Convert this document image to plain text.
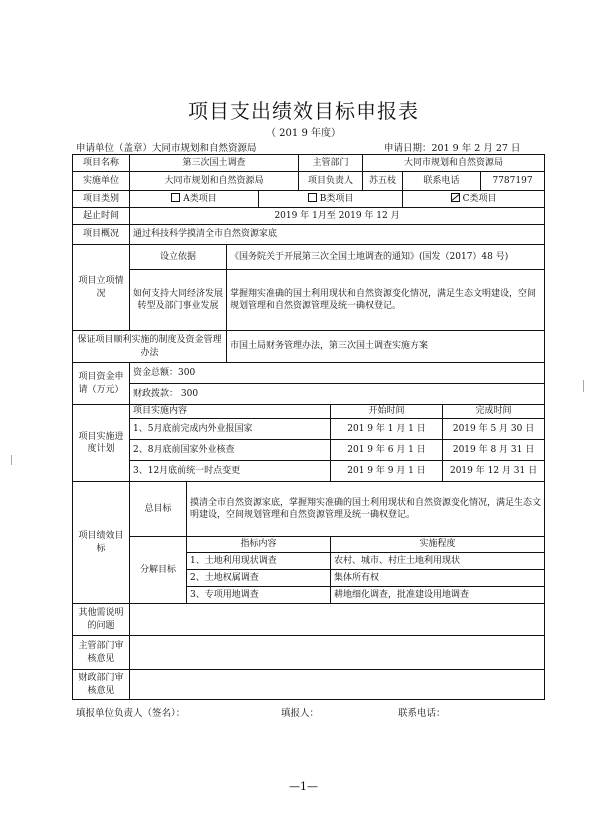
项目支出绩效目标申报表
（ 201 9 年度）
申请单位（盖章）大同市规划和自然资源局	申请日期：201 9 年 2 月 27 日
项目名称	第三次国土调查				主管部门		大同市规划和自然资源局			
实施单位	大同市规划和自然资源局				项目负责人		苏五枝	联系电话		7787197
项目类别	A类项目			B类项目				C类项目		
起止时间	2019 年 1月至 2019 年 12 月									
项目概况	通过科技科学摸清全市自然资源家底									
项目立项情况	设立依据		《国务院关于开展第三次全国土地调查的通知》(国发（2017）48 号)							
	如何支持大同经济发展转型及部门事业发展		掌握翔实准确的国土利用现状和自然资源变化情况，满足生态文明建设，空间规划管理和自然资源管理及统一确权登记。							
保证项目顺利实施的制度及资金管理办法			市国土局财务管理办法，第三次国土调查实施方案							
项目资金申请（万元）	资金总额：300									
	财政拨款： 300									
项目实施进度计划	项目实施内容					开始时间			完成时间	
	1、5月底前完成内外业报国家					201 9 年 1 月 1 日			2019 年 5 月 30 日	
	2、8月底前国家外业核查					201 9 年 6 月 1 日			2019 年 8 月 31 日	
	3、12月底前统一时点变更					201 9 年 9 月 1 日			2019 年 12 月 31 日	
项目绩效目标	总目标	摸清全市自然资源家底，掌握翔实准确的国土利用现状和自然资源变化情况，满足生态文明建设，空间规划管理和自然资源管理及统一确权登记。								
	分解目标	指标内容				实施程度				
		1、土地利用现状调查				农村、城市、村庄土地利用现状				
		2、土地权属调查				集体所有权				
		3、专项用地调查				耕地细化调查，批准建设用地调查				
其他需说明的问题										
主管部门审核意见										
财政部门审核意见										
填报单位负责人（签名）：	填报人：	联系电话：
—1—
